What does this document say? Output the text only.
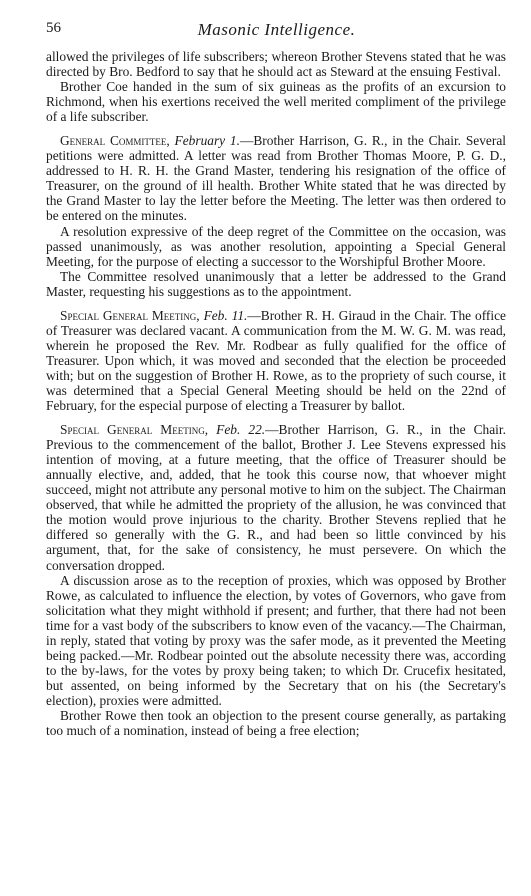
56	Masonic Intelligence.

allowed the privileges of life subscribers; whereon Brother Stevens stated that he was directed by Bro. Bedford to say that he should act as Steward at the ensuing Festival.

Brother Coe handed in the sum of six guineas as the profits of an excursion to Richmond, when his exertions received the well merited compliment of the privilege of a life subscriber.

General Committee, February 1.—Brother Harrison, G. R., in the Chair. Several petitions were admitted. A letter was read from Brother Thomas Moore, P. G. D., addressed to H. R. H. the Grand Master, tendering his resignation of the office of Treasurer, on the ground of ill health. Brother White stated that he was directed by the Grand Master to lay the letter before the Meeting. The letter was then ordered to be entered on the minutes.

A resolution expressive of the deep regret of the Committee on the occasion, was passed unanimously, as was another resolution, appointing a Special General Meeting, for the purpose of electing a successor to the Worshipful Brother Moore.

The Committee resolved unanimously that a letter be addressed to the Grand Master, requesting his suggestions as to the appointment.

Special General Meeting, Feb. 11.—Brother R. H. Giraud in the Chair. The office of Treasurer was declared vacant. A communication from the M. W. G. M. was read, wherein he proposed the Rev. Mr. Rodbear as fully qualified for the office of Treasurer. Upon which, it was moved and seconded that the election be proceeded with; but on the suggestion of Brother H. Rowe, as to the propriety of such course, it was determined that a Special General Meeting should be held on the 22nd of February, for the especial purpose of electing a Treasurer by ballot.

Special General Meeting, Feb. 22.—Brother Harrison, G. R., in the Chair. Previous to the commencement of the ballot, Brother J. Lee Stevens expressed his intention of moving, at a future meeting, that the office of Treasurer should be annually elective, and, added, that he took this course now, that whoever might succeed, might not attribute any personal motive to him on the subject. The Chairman observed, that while he admitted the propriety of the allusion, he was convinced that the motion would prove injurious to the charity. Brother Stevens replied that he differed so generally with the G. R., and had been so little convinced by his argument, that, for the sake of consistency, he must persevere. On which the conversation dropped.

A discussion arose as to the reception of proxies, which was opposed by Brother Rowe, as calculated to influence the election, by votes of Governors, who gave from solicitation what they might withhold if present; and further, that there had not been time for a vast body of the subscribers to know even of the vacancy.—The Chairman, in reply, stated that voting by proxy was the safer mode, as it prevented the Meeting being packed.—Mr. Rodbear pointed out the absolute necessity there was, according to the by-laws, for the votes by proxy being taken; to which Dr. Crucefix hesitated, but assented, on being informed by the Secretary that on his (the Secretary's election), proxies were admitted.

Brother Rowe then took an objection to the present course generally, as partaking too much of a nomination, instead of being a free election;
